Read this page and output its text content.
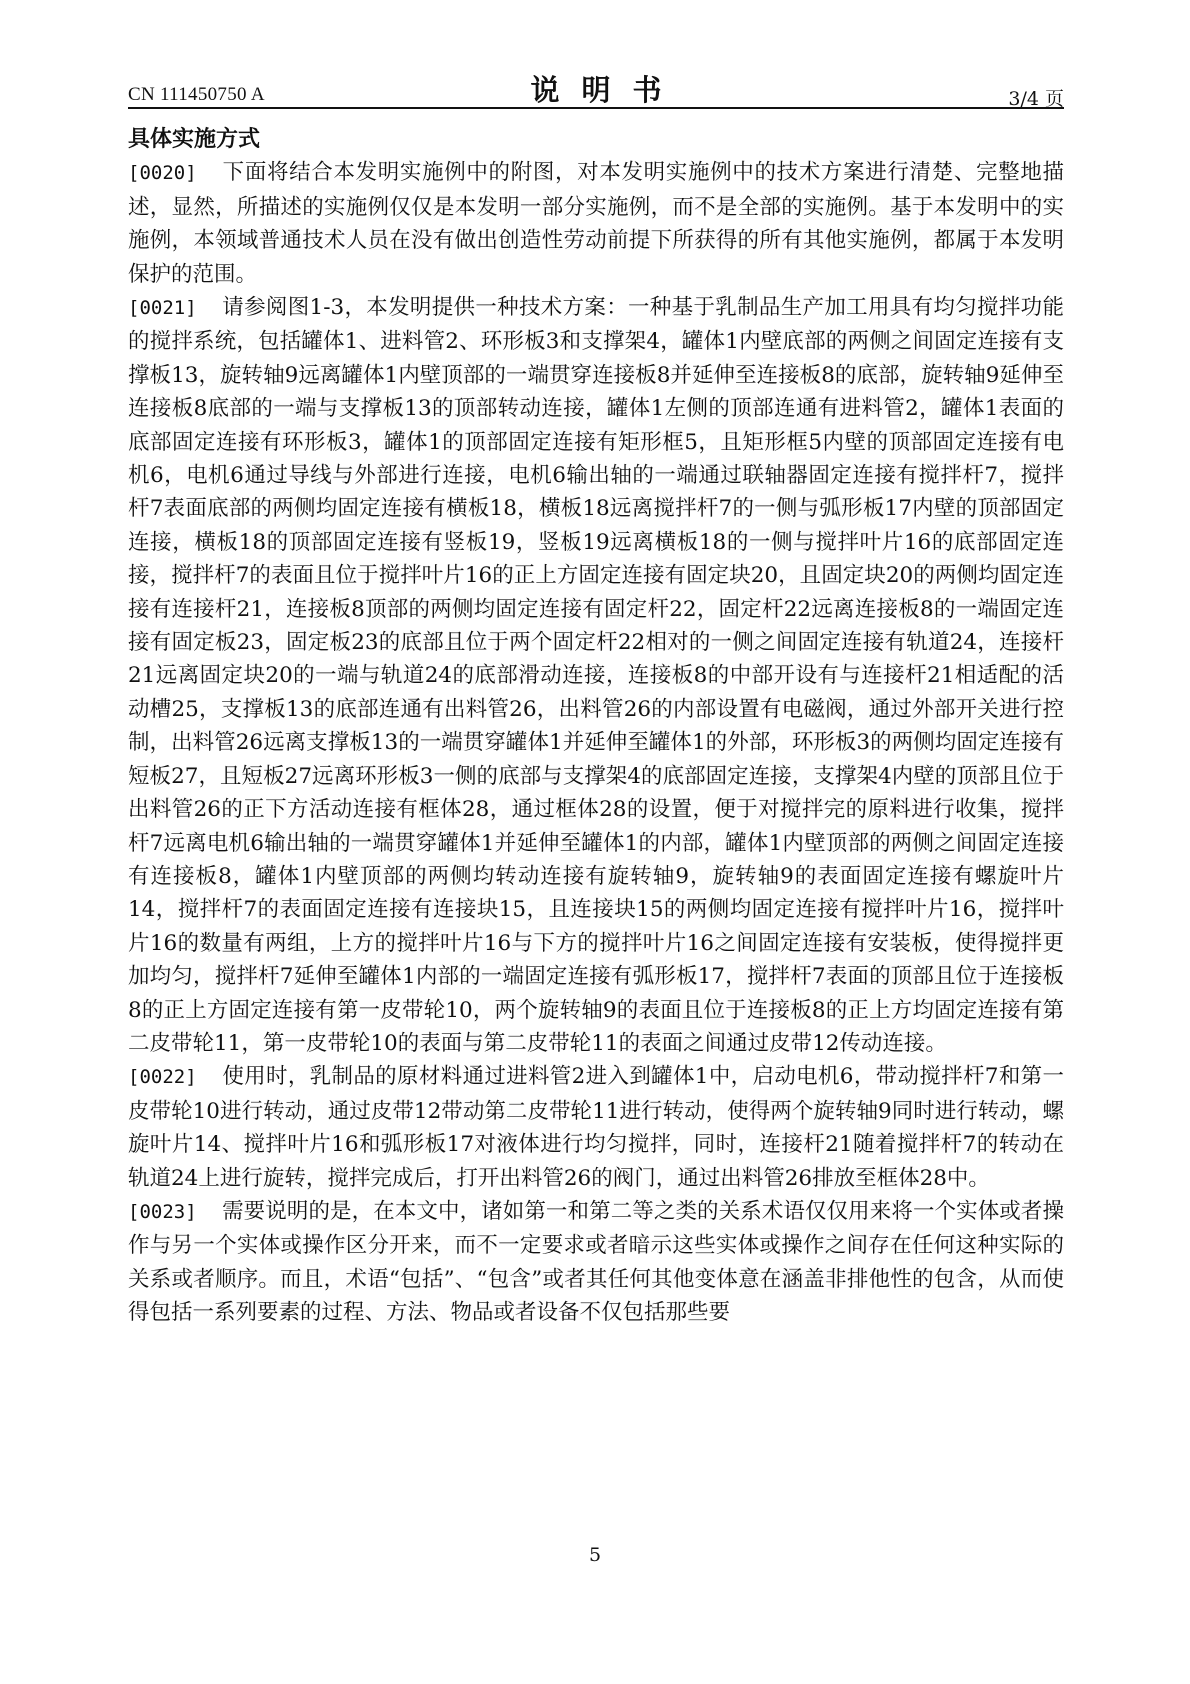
CN 111450750 A	说明书	3/4 页
具体实施方式

[0020] 下面将结合本发明实施例中的附图，对本发明实施例中的技术方案进行清楚、完整地描述，显然，所描述的实施例仅仅是本发明一部分实施例，而不是全部的实施例。基于本发明中的实施例，本领域普通技术人员在没有做出创造性劳动前提下所获得的所有其他实施例，都属于本发明保护的范围。

[0021] 请参阅图1-3，本发明提供一种技术方案：一种基于乳制品生产加工用具有均匀搅拌功能的搅拌系统，包括罐体1、进料管2、环形板3和支撑架4，罐体1内壁底部的两侧之间固定连接有支撑板13，旋转轴9远离罐体1内壁顶部的一端贯穿连接板8并延伸至连接板8的底部，旋转轴9延伸至连接板8底部的一端与支撑板13的顶部转动连接，罐体1左侧的顶部连通有进料管2，罐体1表面的底部固定连接有环形板3，罐体1的顶部固定连接有矩形框5，且矩形框5内壁的顶部固定连接有电机6，电机6通过导线与外部进行连接，电机6输出轴的一端通过联轴器固定连接有搅拌杆7，搅拌杆7表面底部的两侧均固定连接有横板18，横板18远离搅拌杆7的一侧与弧形板17内壁的顶部固定连接，横板18的顶部固定连接有竖板19，竖板19远离横板18的一侧与搅拌叶片16的底部固定连接，搅拌杆7的表面且位于搅拌叶片16的正上方固定连接有固定块20，且固定块20的两侧均固定连接有连接杆21，连接板8顶部的两侧均固定连接有固定杆22，固定杆22远离连接板8的一端固定连接有固定板23，固定板23的底部且位于两个固定杆22相对的一侧之间固定连接有轨道24，连接杆21远离固定块20的一端与轨道24的底部滑动连接，连接板8的中部开设有与连接杆21相适配的活动槽25，支撑板13的底部连通有出料管26，出料管26的内部设置有电磁阀，通过外部开关进行控制，出料管26远离支撑板13的一端贯穿罐体1并延伸至罐体1的外部，环形板3的两侧均固定连接有短板27，且短板27远离环形板3一侧的底部与支撑架4的底部固定连接，支撑架4内壁的顶部且位于出料管26的正下方活动连接有框体28，通过框体28的设置，便于对搅拌完的原料进行收集，搅拌杆7远离电机6输出轴的一端贯穿罐体1并延伸至罐体1的内部，罐体1内壁顶部的两侧之间固定连接有连接板8，罐体1内壁顶部的两侧均转动连接有旋转轴9，旋转轴9的表面固定连接有螺旋叶片14，搅拌杆7的表面固定连接有连接块15，且连接块15的两侧均固定连接有搅拌叶片16，搅拌叶片16的数量有两组，上方的搅拌叶片16与下方的搅拌叶片16之间固定连接有安装板，使得搅拌更加均匀，搅拌杆7延伸至罐体1内部的一端固定连接有弧形板17，搅拌杆7表面的顶部且位于连接板8的正上方固定连接有第一皮带轮10，两个旋转轴9的表面且位于连接板8的正上方均固定连接有第二皮带轮11，第一皮带轮10的表面与第二皮带轮11的表面之间通过皮带12传动连接。

[0022] 使用时，乳制品的原材料通过进料管2进入到罐体1中，启动电机6，带动搅拌杆7和第一皮带轮10进行转动，通过皮带12带动第二皮带轮11进行转动，使得两个旋转轴9同时进行转动，螺旋叶片14、搅拌叶片16和弧形板17对液体进行均匀搅拌，同时，连接杆21随着搅拌杆7的转动在轨道24上进行旋转，搅拌完成后，打开出料管26的阀门，通过出料管26排放至框体28中。

[0023] 需要说明的是，在本文中，诸如第一和第二等之类的关系术语仅仅用来将一个实体或者操作与另一个实体或操作区分开来，而不一定要求或者暗示这些实体或操作之间存在任何这种实际的关系或者顺序。而且，术语“包括”、“包含”或者其任何其他变体意在涵盖非排他性的包含，从而使得包括一系列要素的过程、方法、物品或者设备不仅包括那些要

5
